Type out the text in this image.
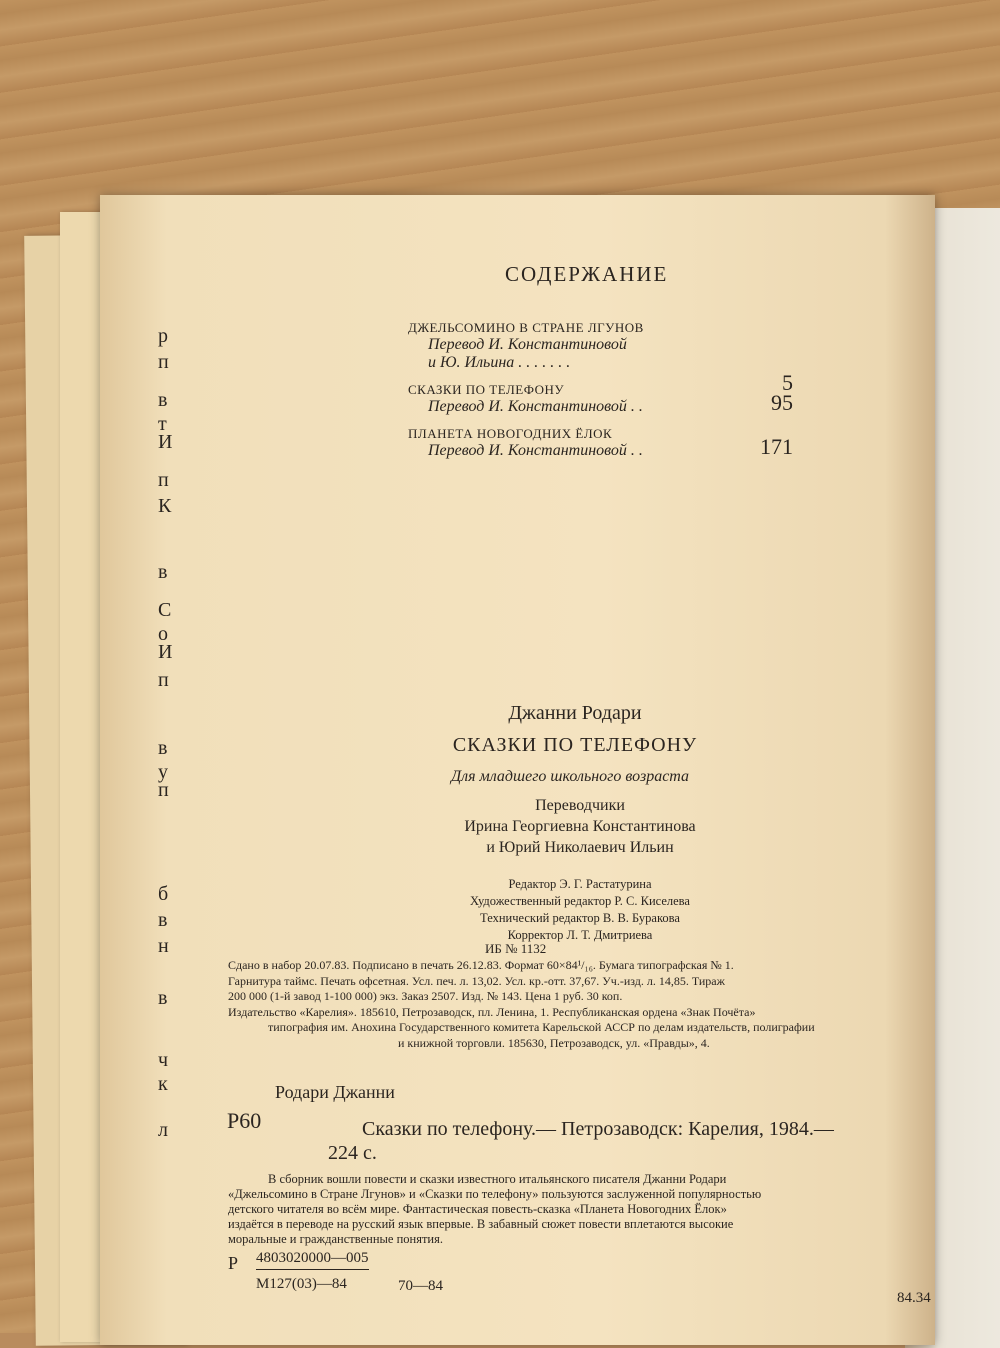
р
п
в
т
И
п
К
в
С
о
И
п
в
у
п
б
в
н
в
ч
к
л
СОДЕРЖАНИЕ
ДЖЕЛЬСОМИНО В СТРАНЕ ЛГУНОВ
Перевод И. Константиновой
и Ю. Ильина . . . . . . .
5
СКАЗКИ ПО ТЕЛЕФОНУ
Перевод И. Константиновой . .	95
ПЛАНЕТА НОВОГОДНИХ ЁЛОК
Перевод И. Константиновой . .	171
Джанни Родари
СКАЗКИ ПО ТЕЛЕФОНУ
Для младшего школьного возраста
Переводчики
Ирина Георгиевна Константинова
и Юрий Николаевич Ильин
Редактор Э. Г. Растатурина
Художественный редактор Р. С. Киселева
Технический редактор В. В. Буракова
Корректор Л. Т. Дмитриева
ИБ № 1132
Сдано в набор 20.07.83. Подписано в печать 26.12.83. Формат 60×84¹/₁₆. Бумага типографская № 1.
Гарнитура таймс. Печать офсетная. Усл. печ. л. 13,02. Усл. кр.-отт. 37,67. Уч.-изд. л. 14,85. Тираж
200 000 (1-й завод 1-100 000) экз. Заказ 2507. Изд. № 143. Цена 1 руб. 30 коп.
Издательство «Карелия». 185610, Петрозаводск, пл. Ленина, 1. Республиканская ордена «Знак Почёта»
типография им. Анохина Государственного комитета Карельской АССР по делам издательств, полиграфии
и книжной торговли. 185630, Петрозаводск, ул. «Правды», 4.
Родари Джанни
Р60	Сказки по телефону.— Петрозаводск: Карелия, 1984.—
224 с.
В сборник вошли повести и сказки известного итальянского писателя Джанни Родари
«Джельсомино в Стране Лгунов» и «Сказки по телефону» пользуются заслуженной популярностью
детского читателя во всём мире. Фантастическая повесть-сказка «Планета Новогодних Ёлок»
издаётся в переводе на русский язык впервые. В забавный сюжет повести вплетаются высокие
моральные и гражданственные понятия.
Р 4803020000—005
М127(03)—84	70—84
84.34
